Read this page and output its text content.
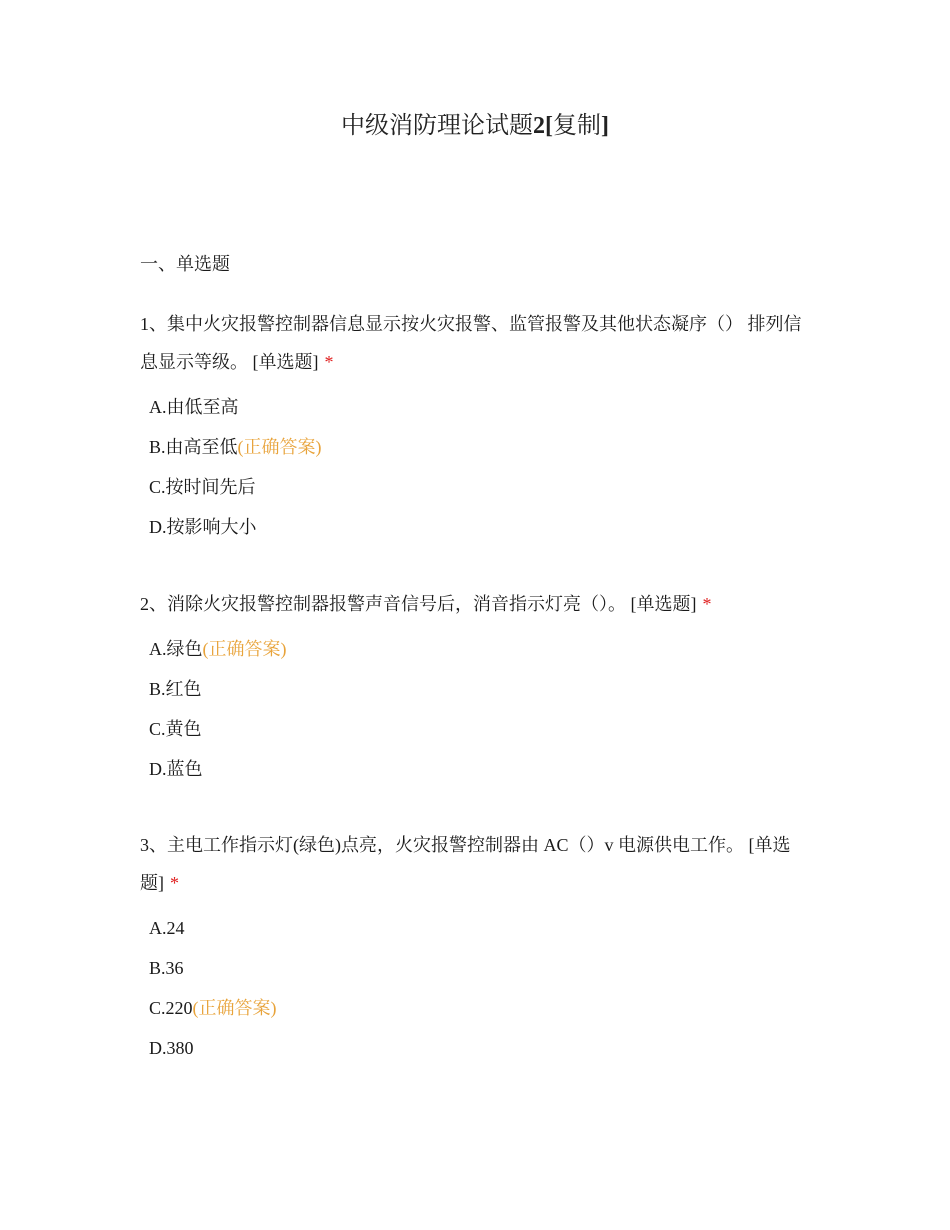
中级消防理论试题2[复制]
一、单选题

1、集中火灾报警控制器信息显示按火灾报警、监管报警及其他状态凝序（） 排列信息显示等级。 [单选题] *

A.由低至高
B.由高至低(正确答案)
C.按时间先后
D.按影响大小

2、消除火灾报警控制器报警声音信号后，消音指示灯亮（）。 [单选题] *

A.绿色(正确答案)
B.红色
C.黄色
D.蓝色

3、主电工作指示灯(绿色)点亮，火灾报警控制器由 AC（）v 电源供电工作。 [单选题] *

A.24
B.36
C.220(正确答案)
D.380
